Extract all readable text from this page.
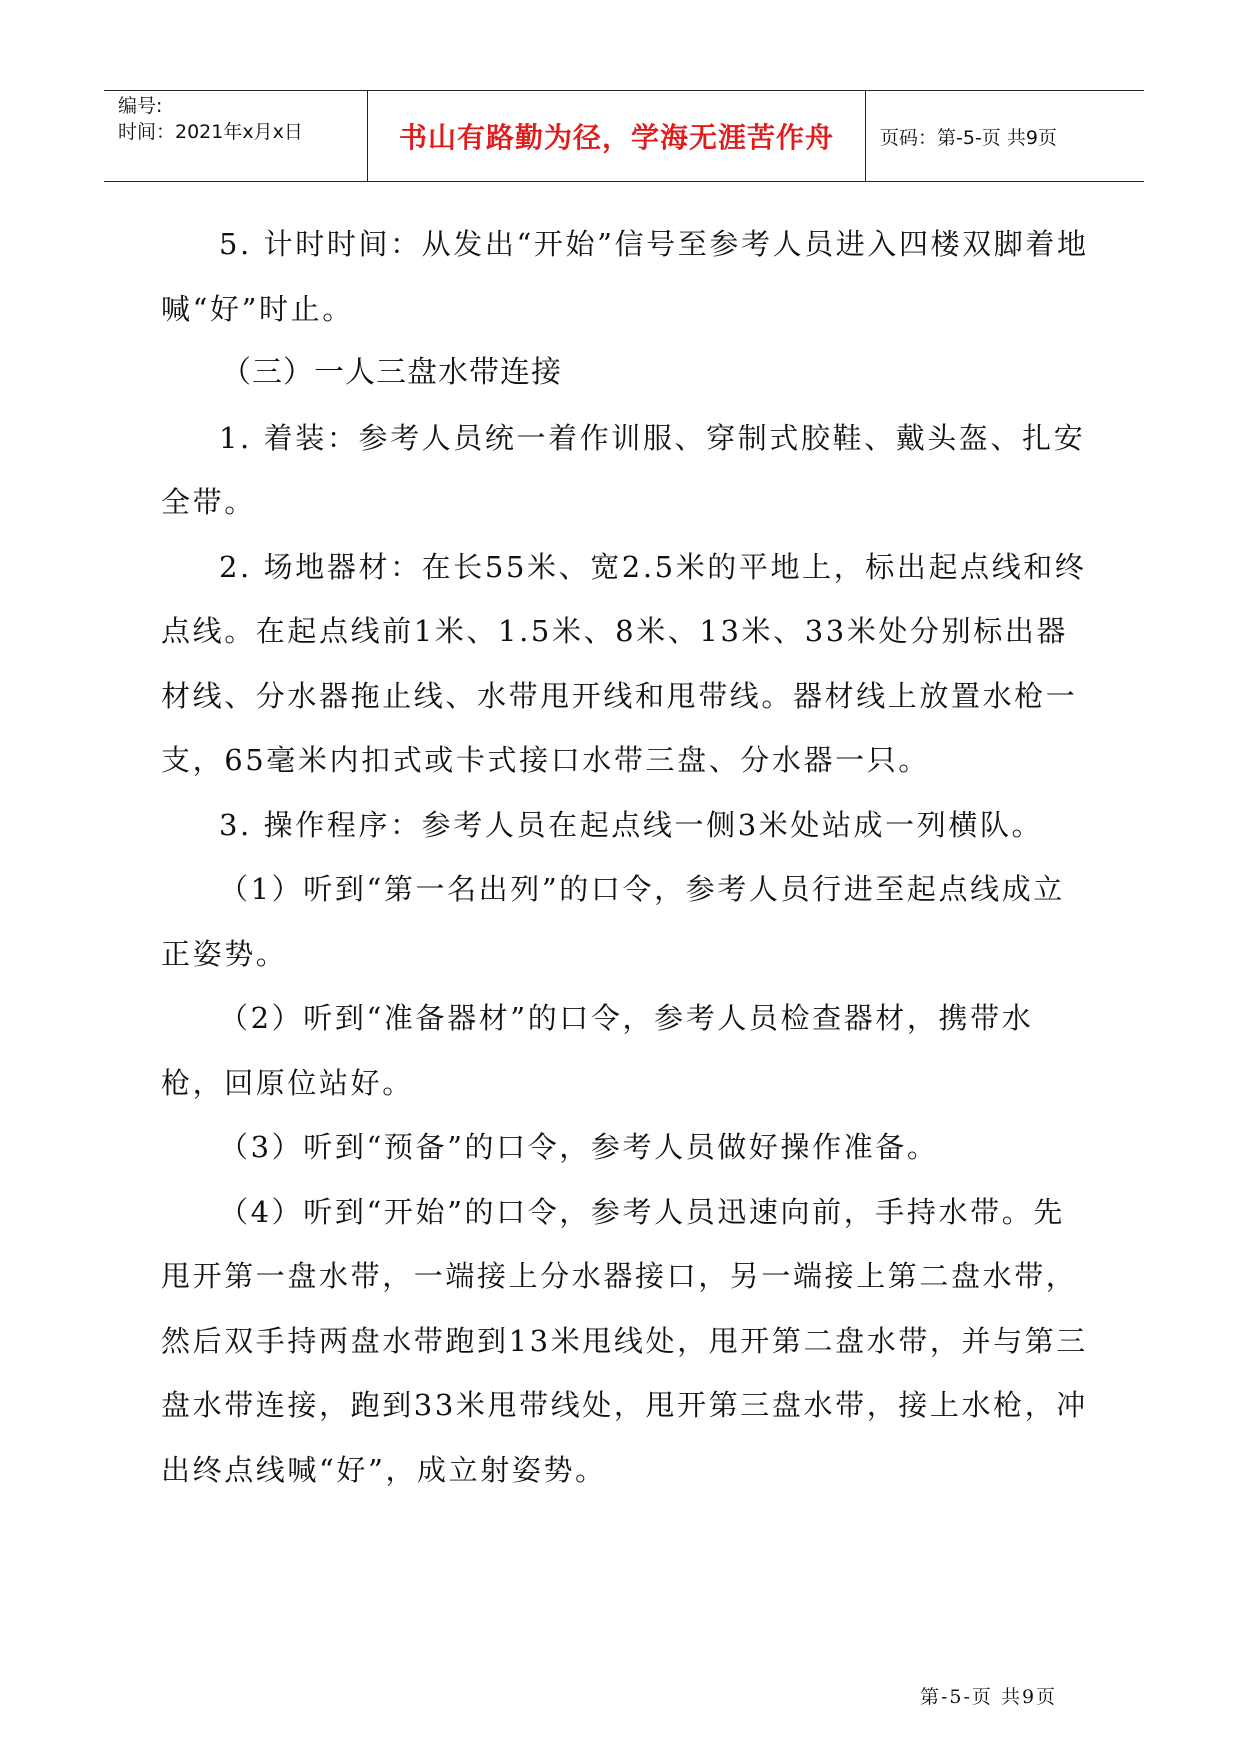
编号:
时间：2021年x月x日	书山有路勤为径，学海无涯苦作舟 页码：第-5-页 共9页

5. 计时时间：从发出“开始”信号至参考人员进入四楼双脚着地喊“好”时止。

（三）一人三盘水带连接

1. 着装：参考人员统一着作训服、穿制式胶鞋、戴头盔、扎安全带。

2. 场地器材：在长55米、宽2.5米的平地上，标出起点线和终点线。在起点线前1米、1.5米、8米、13米、33米处分别标出器材线、分水器拖止线、水带甩开线和甩带线。器材线上放置水枪一支，65毫米内扣式或卡式接口水带三盘、分水器一只。

3. 操作程序：参考人员在起点线一侧3米处站成一列横队。

（1）听到“第一名出列”的口令，参考人员行进至起点线成立正姿势。

（2）听到“准备器材”的口令，参考人员检查器材，携带水枪，回原位站好。

（3）听到“预备”的口令，参考人员做好操作准备。

（4）听到“开始”的口令，参考人员迅速向前，手持水带。先甩开第一盘水带，一端接上分水器接口，另一端接上第二盘水带，然后双手持两盘水带跑到13米甩线处，甩开第二盘水带，并与第三盘水带连接，跑到33米甩带线处，甩开第三盘水带，接上水枪，冲出终点线喊“好”，成立射姿势。

第-5-页 共9页
